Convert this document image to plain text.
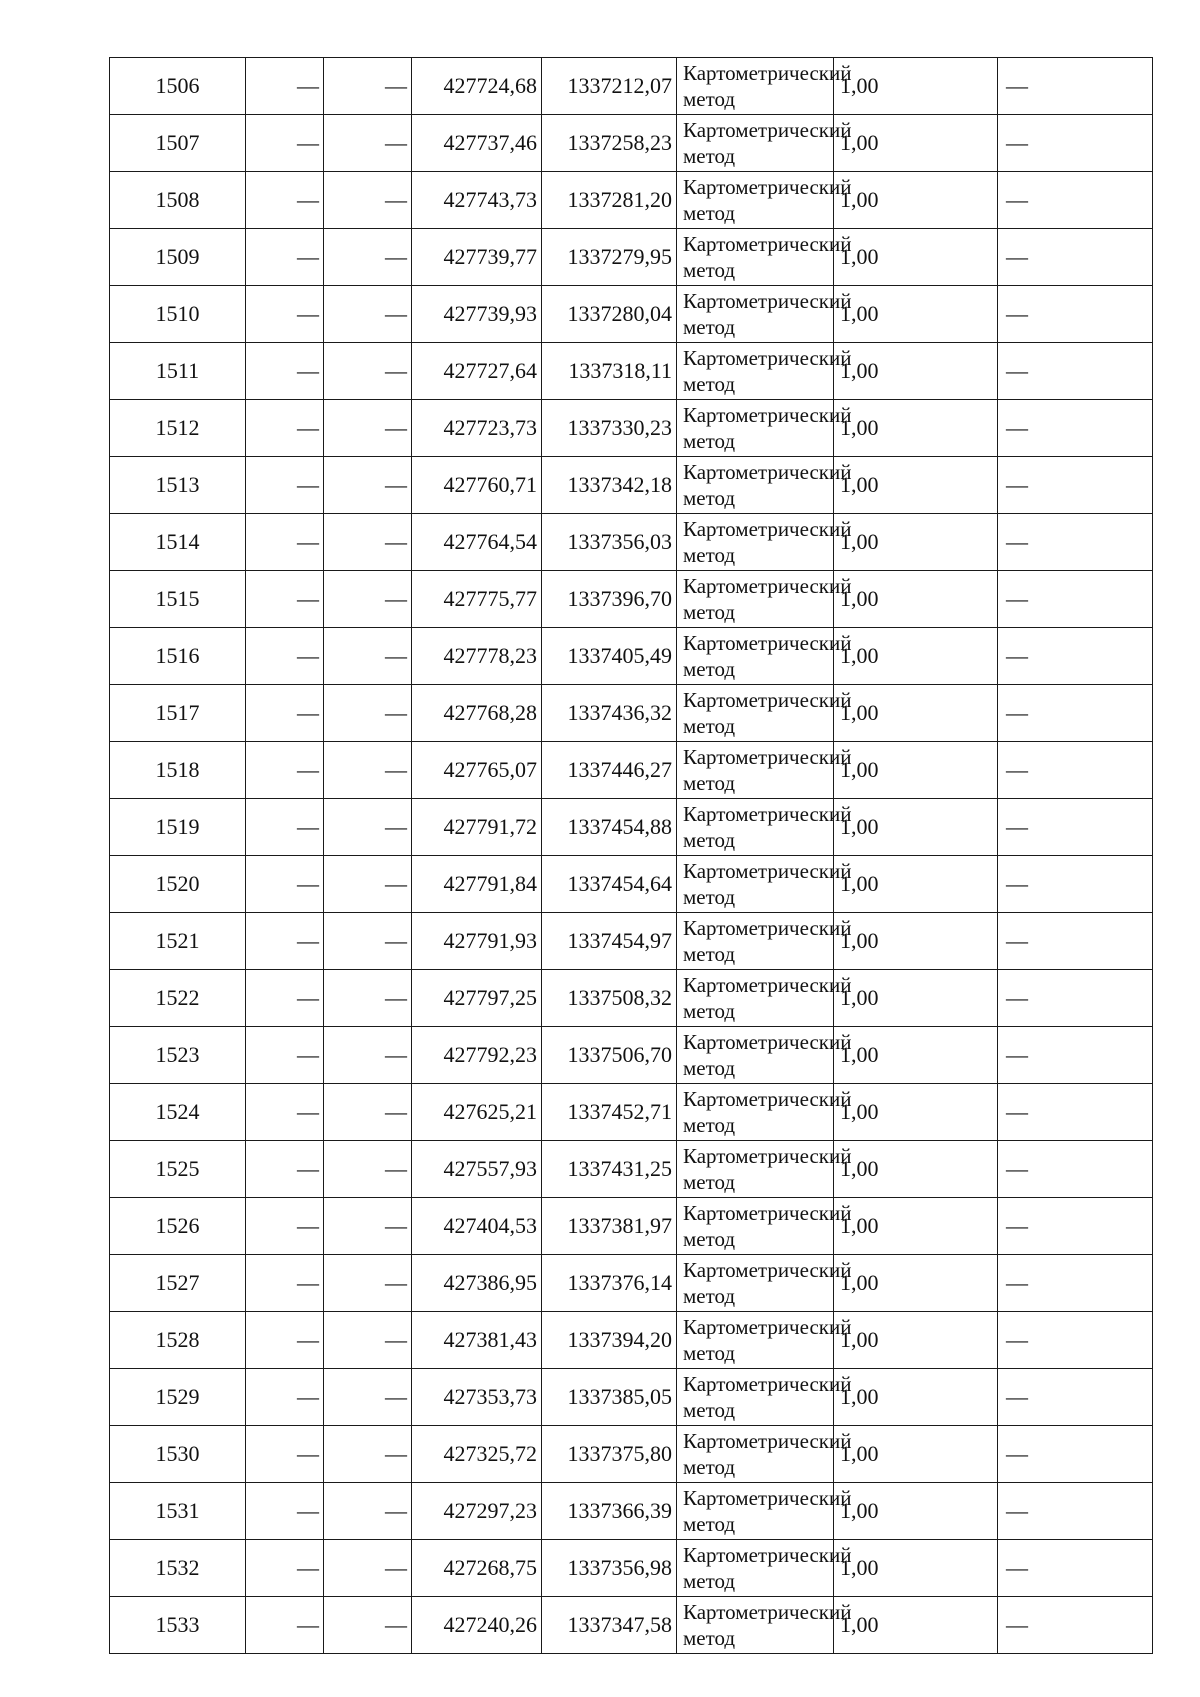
1506	—	—	427724,68	1337212,07	Картометрический метод	1,00	—
1507	—	—	427737,46	1337258,23	Картометрический метод	1,00	—
1508	—	—	427743,73	1337281,20	Картометрический метод	1,00	—
1509	—	—	427739,77	1337279,95	Картометрический метод	1,00	—
1510	—	—	427739,93	1337280,04	Картометрический метод	1,00	—
1511	—	—	427727,64	1337318,11	Картометрический метод	1,00	—
1512	—	—	427723,73	1337330,23	Картометрический метод	1,00	—
1513	—	—	427760,71	1337342,18	Картометрический метод	1,00	—
1514	—	—	427764,54	1337356,03	Картометрический метод	1,00	—
1515	—	—	427775,77	1337396,70	Картометрический метод	1,00	—
1516	—	—	427778,23	1337405,49	Картометрический метод	1,00	—
1517	—	—	427768,28	1337436,32	Картометрический метод	1,00	—
1518	—	—	427765,07	1337446,27	Картометрический метод	1,00	—
1519	—	—	427791,72	1337454,88	Картометрический метод	1,00	—
1520	—	—	427791,84	1337454,64	Картометрический метод	1,00	—
1521	—	—	427791,93	1337454,97	Картометрический метод	1,00	—
1522	—	—	427797,25	1337508,32	Картометрический метод	1,00	—
1523	—	—	427792,23	1337506,70	Картометрический метод	1,00	—
1524	—	—	427625,21	1337452,71	Картометрический метод	1,00	—
1525	—	—	427557,93	1337431,25	Картометрический метод	1,00	—
1526	—	—	427404,53	1337381,97	Картометрический метод	1,00	—
1527	—	—	427386,95	1337376,14	Картометрический метод	1,00	—
1528	—	—	427381,43	1337394,20	Картометрический метод	1,00	—
1529	—	—	427353,73	1337385,05	Картометрический метод	1,00	—
1530	—	—	427325,72	1337375,80	Картометрический метод	1,00	—
1531	—	—	427297,23	1337366,39	Картометрический метод	1,00	—
1532	—	—	427268,75	1337356,98	Картометрический метод	1,00	—
1533	—	—	427240,26	1337347,58	Картометрический метод	1,00	—
